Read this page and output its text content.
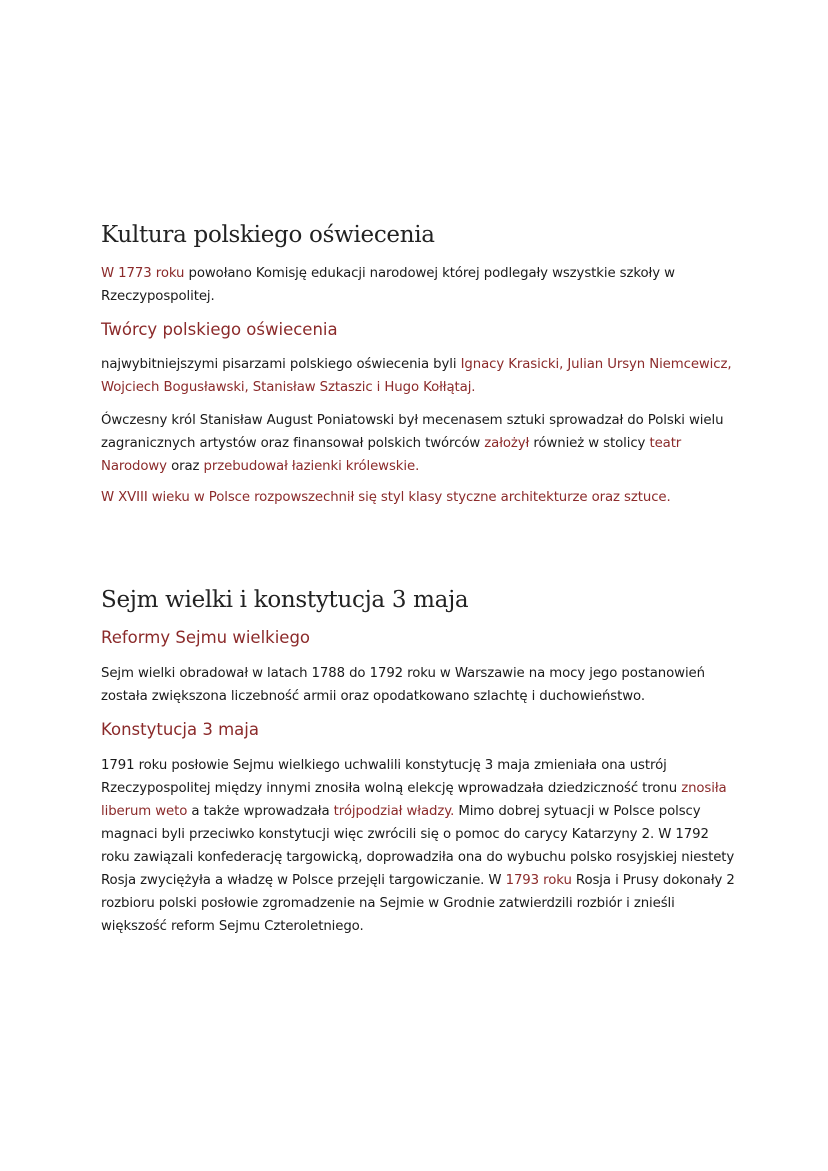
Kultura polskiego oświecenia

W 1773 roku powołano Komisję edukacji narodowej której podlegały wszystkie szkoły w Rzeczypospolitej.

Twórcy polskiego oświecenia

najwybitniejszymi pisarzami polskiego oświecenia byli Ignacy Krasicki, Julian Ursyn Niemcewicz, Wojciech Bogusławski, Stanisław Sztaszic i Hugo Kołłątaj.

Ówczesny król Stanisław August Poniatowski był mecenasem sztuki sprowadzał do Polski wielu zagranicznych artystów oraz finansował polskich twórców założył również w stolicy teatr Narodowy oraz przebudował łazienki królewskie.

W XVIII wieku w Polsce rozpowszechnił się styl klasy styczne architekturze oraz sztuce.

Sejm wielki i konstytucja 3 maja
Reformy Sejmu wielkiego

Sejm wielki obradował w latach 1788 do 1792 roku w Warszawie na mocy jego postanowień została zwiększona liczebność armii oraz opodatkowano szlachtę i duchowieństwo.

Konstytucja 3 maja

1791 roku posłowie Sejmu wielkiego uchwalili konstytucję 3 maja zmieniała ona ustrój Rzeczypospolitej między innymi znosiła wolną elekcję wprowadzała dziedziczność tronu znosiła liberum weto a także wprowadzała trójpodział władzy. Mimo dobrej sytuacji w Polsce polscy magnaci byli przeciwko konstytucji więc zwrócili się o pomoc do carycy Katarzyny 2. W 1792 roku zawiązali konfederację targowicką, doprowadziła ona do wybuchu polsko rosyjskiej niestety Rosja zwyciężyła a władzę w Polsce przejęli targowiczanie. W 1793 roku Rosja i Prusy dokonały 2 rozbioru polski posłowie zgromadzenie na Sejmie w Grodnie zatwierdzili rozbiór i znieśli większość reform Sejmu Czteroletniego.
